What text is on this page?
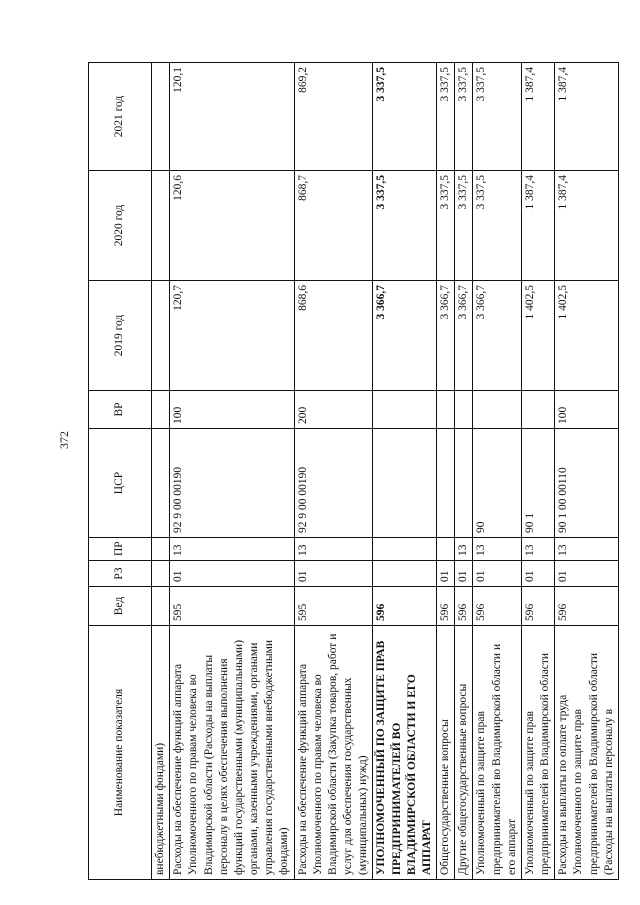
372
Наименование показателя	Вед	РЗ	ПР	ЦСР	ВР	2019 год	2020 год	2021 год
внебюджетными фондами)								
Расходы на обеспечение функций аппарата Уполномоченного по правам человека во Владимирской области (Расходы на выплаты персоналу в целях обеспечения выполнения функций государственными (муниципальными) органами, казенными учреждениями, органами управления государственными внебюджетными фондами)	595	01	13	92 9 00 00190	100	120,7	120,6	120,1
Расходы на обеспечение функций аппарата Уполномоченного по правам человека во Владимирской области (Закупка товаров, работ и услуг для обеспечения государственных (муниципальных) нужд)	595	01	13	92 9 00 00190	200	868,6	868,7	869,2
УПОЛНОМОЧЕННЫЙ ПО ЗАЩИТЕ ПРАВ ПРЕДПРИНИМАТЕЛЕЙ ВО ВЛАДИМИРСКОЙ ОБЛАСТИ И ЕГО АППАРАТ	596					3 366,7	3 337,5	3 337,5
Общегосударственные вопросы	596	01				3 366,7	3 337,5	3 337,5
Другие общегосударственные вопросы	596	01	13			3 366,7	3 337,5	3 337,5
Уполномоченный по защите прав предпринимателей во Владимирской области и его аппарат	596	01	13	90		3 366,7	3 337,5	3 337,5
Уполномоченный по защите прав предпринимателей во Владимирской области	596	01	13	90 1		1 402,5	1 387,4	1 387,4
Расходы на выплаты по оплате труда Уполномоченного по защите прав предпринимателей во Владимирской области (Расходы на выплаты персоналу в	596	01	13	90 1 00 00110	100	1 402,5	1 387,4	1 387,4
